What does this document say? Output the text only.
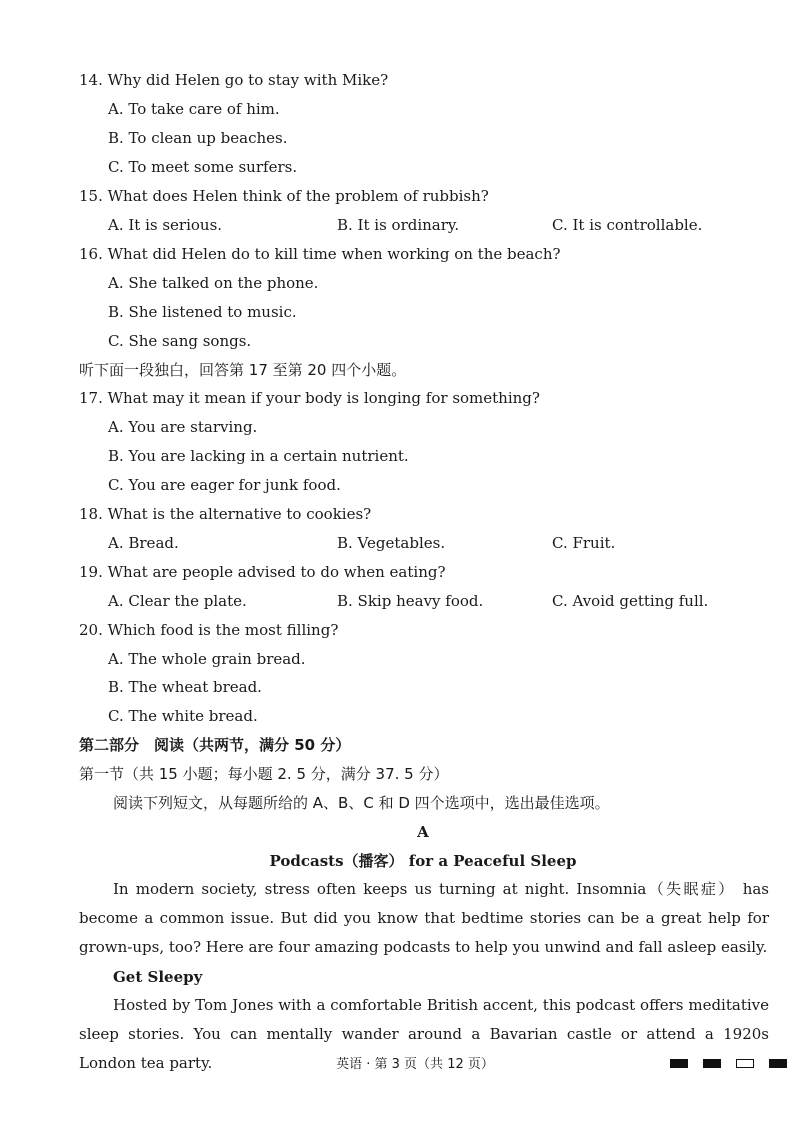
14. Why did Helen go to stay with Mike?
A. To take care of him.
B. To clean up beaches.
C. To meet some surfers.
15. What does Helen think of the problem of rubbish?
A. It is serious.	B. It is ordinary.	C. It is controllable.
16. What did Helen do to kill time when working on the beach?
A. She talked on the phone.
B. She listened to music.
C. She sang songs.
听下面一段独白，回答第 17 至第 20 四个小题。
17. What may it mean if your body is longing for something?
A. You are starving.
B. You are lacking in a certain nutrient.
C. You are eager for junk food.
18. What is the alternative to cookies?
A. Bread.	B. Vegetables.	C. Fruit.
19. What are people advised to do when eating?
A. Clear the plate.	B. Skip heavy food.	C. Avoid getting full.
20. Which food is the most filling?
A. The whole grain bread.
B. The wheat bread.
C. The white bread.
第二部分　阅读（共两节，满分 50 分）
第一节（共 15 小题；每小题 2. 5 分，满分 37. 5 分）
阅读下列短文，从每题所给的 A、B、C 和 D 四个选项中，选出最佳选项。
A
Podcasts（播客） for a Peaceful Sleep
In modern society, stress often keeps us turning at night. Insomnia（失眠症） has become a common issue. But did you know that bedtime stories can be a great help for grown-ups, too? Here are four amazing podcasts to help you unwind and fall asleep easily.
Get Sleepy
Hosted by Tom Jones with a comfortable British accent, this podcast offers meditative sleep stories. You can mentally wander around a Bavarian castle or attend a 1920s London tea party.	英语 · 第 3 页（共 12 页）
